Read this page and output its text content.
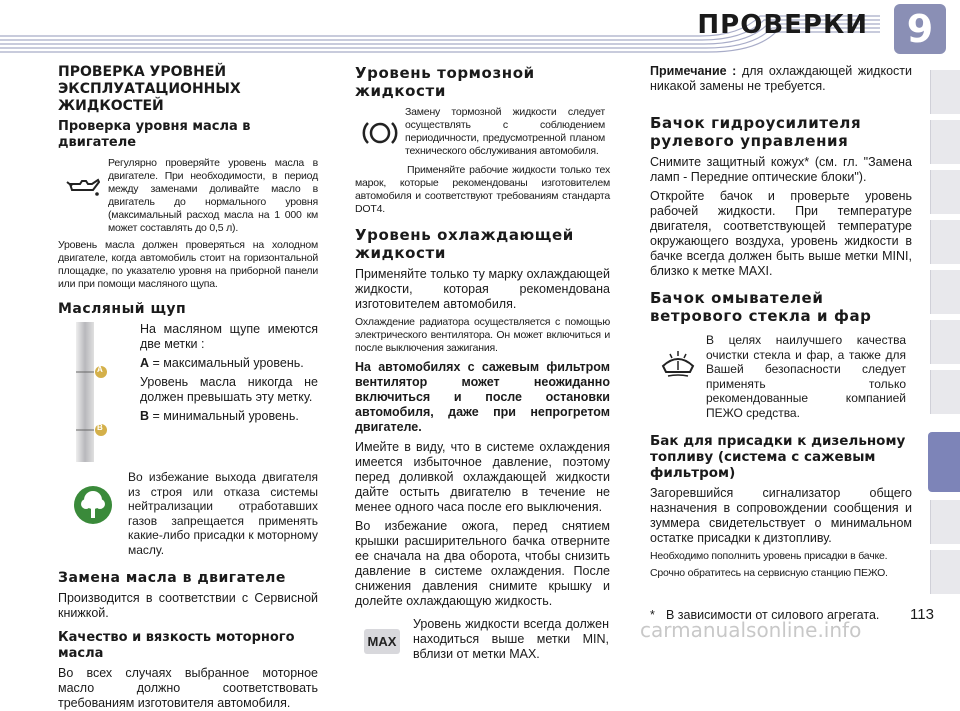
ПРОВЕРКИ	9
ПРОВЕРКА УРОВНЕЙ
ЭКСПЛУАТАЦИОННЫХ ЖИДКОСТЕЙ
Проверка уровня масла в двигателе

Регулярно проверяйте уровень масла в двигателе. При необходимости, в период между заменами доливайте масло в двигатель до нормального уровня (максимальный расход масла на 1 000 км может составлять до 0,5 л).

Уровень масла должен проверяться на холодном двигателе, когда автомобиль стоит на горизонтальной площадке, по указателю уровня на приборной панели или при помощи масляного щупа.

Масляный щуп
A
B

На масляном щупе имеются две метки :

A = максимальный уровень.

Уровень масла никогда не должен превышать эту метку.

B = минимальный уровень.

Во избежание выхода двигателя из строя или отказа системы нейтрализации отработавших газов запрещается применять какие-либо присадки к моторному маслу.

Замена масла в двигателе

Производится в соответствии с Сервисной книжкой.

Качество и вязкость моторного масла

Во всех случаях выбранное моторное масло должно соответствовать требованиям изготовителя автомобиля.

Уровень тормозной жидкости

Замену тормозной жидкости следует осуществлять с соблюдением периодичности, предусмотренной планом технического обслуживания автомобиля.

Применяйте рабочие жидкости только тех марок, которые рекомендованы изготовителем автомобиля и соответствуют требованиям стандарта DOT4.

Уровень охлаждающей жидкости

Применяйте только ту марку охлаждающей жидкости, которая рекомендована изготовителем автомобиля.

Охлаждение радиатора осуществляется с помощью электрического вентилятора. Он может включиться и после выключения зажигания.

На автомобилях с сажевым фильтром вентилятор может неожиданно включиться и после остановки автомобиля, даже при непрогретом двигателе.

Имейте в виду, что в системе охлаждения имеется избыточное давление, поэтому перед доливкой охлаждающей жидкости дайте остыть двигателю в течение не менее одного часа после его выключения.

Во избежание ожога, перед снятием крышки расширительного бачка отверните ее сначала на два оборота, чтобы снизить давление в системе охлаждения. После снижения давления снимите крышку и долейте охлаждающую жидкость.

MAX

Уровень жидкости всегда должен находиться выше метки MIN, вблизи от метки MAX.

Примечание : для охлаждающей жидкости никакой замены не требуется.

Бачок гидроусилителя рулевого управления

Снимите защитный кожух* (см. гл. "Замена ламп - Передние оптические блоки").

Откройте бачок и проверьте уровень рабочей жидкости. При температуре двигателя, соответствующей температуре окружающего воздуха, уровень жидкости в бачке всегда должен быть выше метки MINI, близко к метке MAXI.

Бачок омывателей ветрового стекла и фар

В целях наилучшего качества очистки стекла и фар, а также для Вашей безопасности следует применять только рекомендованные компанией ПЕЖО средства.

Бак для присадки к дизельному топливу (система с сажевым фильтром)

Загоревшийся сигнализатор общего назначения в сопровождении сообщения и зуммера свидетельствует о минимальном остатке присадки к дизтопливу.

Необходимо пополнить уровень присадки в бачке.

Срочно обратитесь на сервисную станцию ПЕЖО.

* В зависимости от силового агрегата.

carmanualsonline.info
113
